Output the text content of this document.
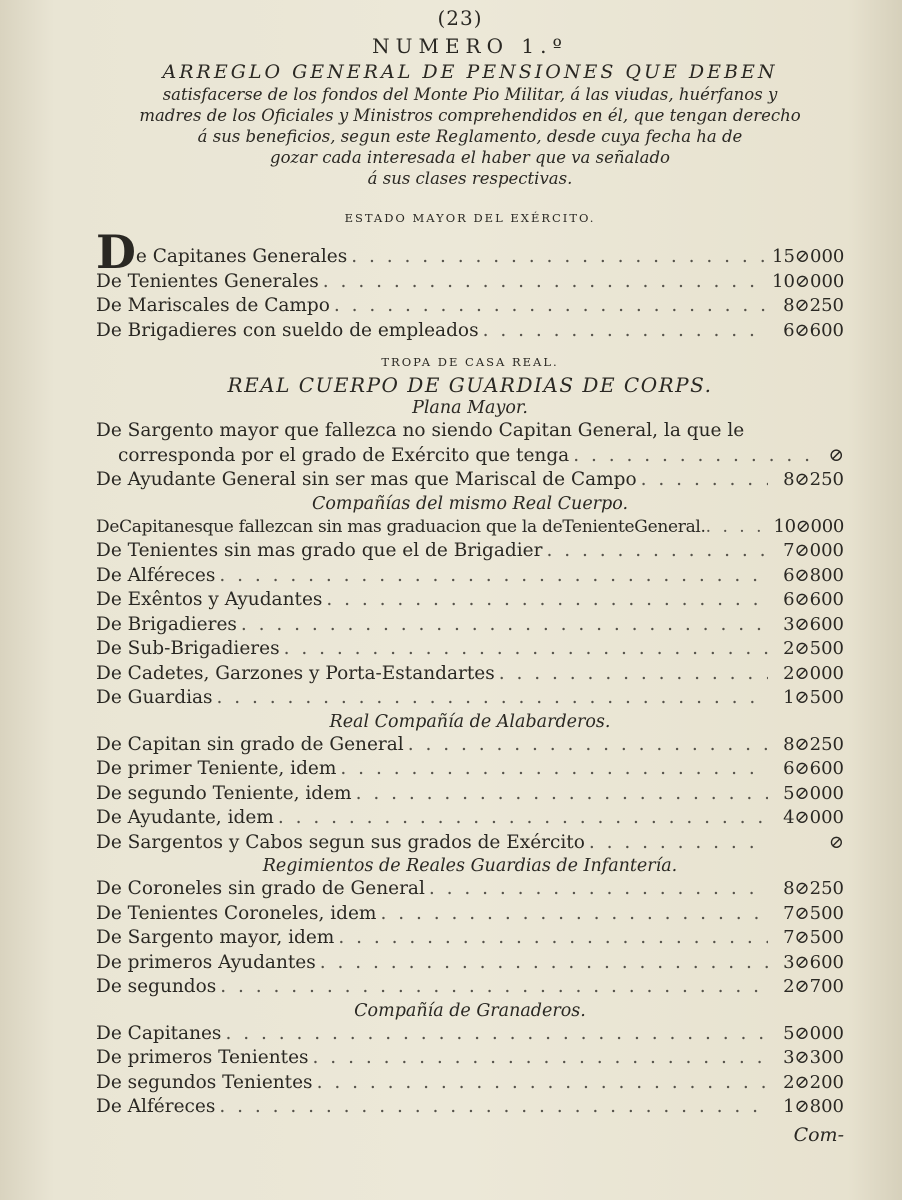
(23)
NUMERO 1.º
ARREGLO GENERAL DE PENSIONES QUE DEBEN

satisfacerse de los fondos del Monte Pio Militar, á las viudas, huérfanos y

madres de los Oficiales y Ministros comprehendidos en él, que tengan derecho

á sus beneficios, segun este Reglamento, desde cuya fecha ha de

gozar cada interesada el haber que va señalado

á sus clases respectivas.

ESTADO MAYOR DEL EXÉRCITO.
De Capitanes Generales . . .	15⊘000
De Tenientes Generales . . .	10⊘000
De Mariscales de Campo . . .	8⊘250
De Brigadieres con sueldo de empleados . . .	6⊘600
TROPA DE CASA REAL.
REAL CUERPO DE GUARDIAS DE CORPS.
Plana Mayor.
De Sargento mayor que fallezca no siendo Capitan General, la que le
corresponda por el grado de Exército que tenga . . .	⊘
De Ayudante General sin ser mas que Mariscal de Campo . . .	8⊘250
Compañías del mismo Real Cuerpo.
DeCapitanesque fallezcan sin mas graduacion que la deTenienteGeneral. . . .	10⊘000
De Tenientes sin mas grado que el de Brigadier . . .	7⊘000
De Alféreces . . .	6⊘800
De Exêntos y Ayudantes . . .	6⊘600
De Brigadieres . . .	3⊘600
De Sub-Brigadieres . . .	2⊘500
De Cadetes, Garzones y Porta-Estandartes . . .	2⊘000
De Guardias . . .	1⊘500
Real Compañía de Alabarderos.
De Capitan sin grado de General . . .	8⊘250
De primer Teniente, idem . . .	6⊘600
De segundo Teniente, idem . . .	5⊘000
De Ayudante, idem . . .	4⊘000
De Sargentos y Cabos segun sus grados de Exército . . .	⊘
Regimientos de Reales Guardias de Infantería.
De Coroneles sin grado de General . . .	8⊘250
De Tenientes Coroneles, idem . . .	7⊘500
De Sargento mayor, idem . . .	7⊘500
De primeros Ayudantes . . .	3⊘600
De segundos . . .	2⊘700
Compañía de Granaderos.
De Capitanes . . .	5⊘000
De primeros Tenientes . . .	3⊘300
De segundos Tenientes . . .	2⊘200
De Alféreces . . .	1⊘800
Com-
